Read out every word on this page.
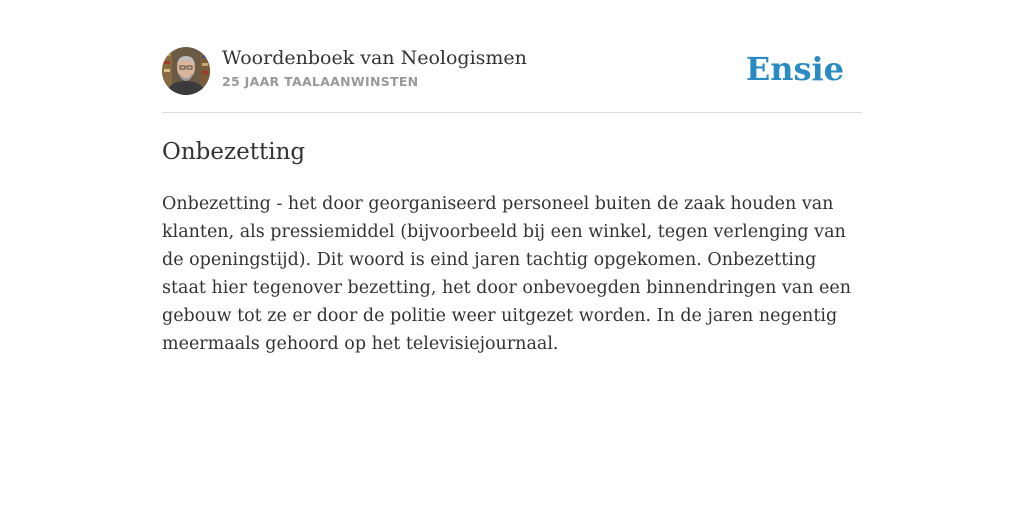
Woordenboek van Neologismen
25 JAAR TAALAANWINSTEN	Ensie
Onbezetting

Onbezetting - het door georganiseerd personeel buiten de zaak houden van klanten, als pressiemiddel (bijvoorbeeld bij een winkel, tegen verlenging van de openingstijd). Dit woord is eind jaren tachtig opgekomen. Onbezetting staat hier tegenover bezetting, het door onbevoegden binnendringen van een gebouw tot ze er door de politie weer uitgezet worden. In de jaren negentig meermaals gehoord op het televisiejournaal.
